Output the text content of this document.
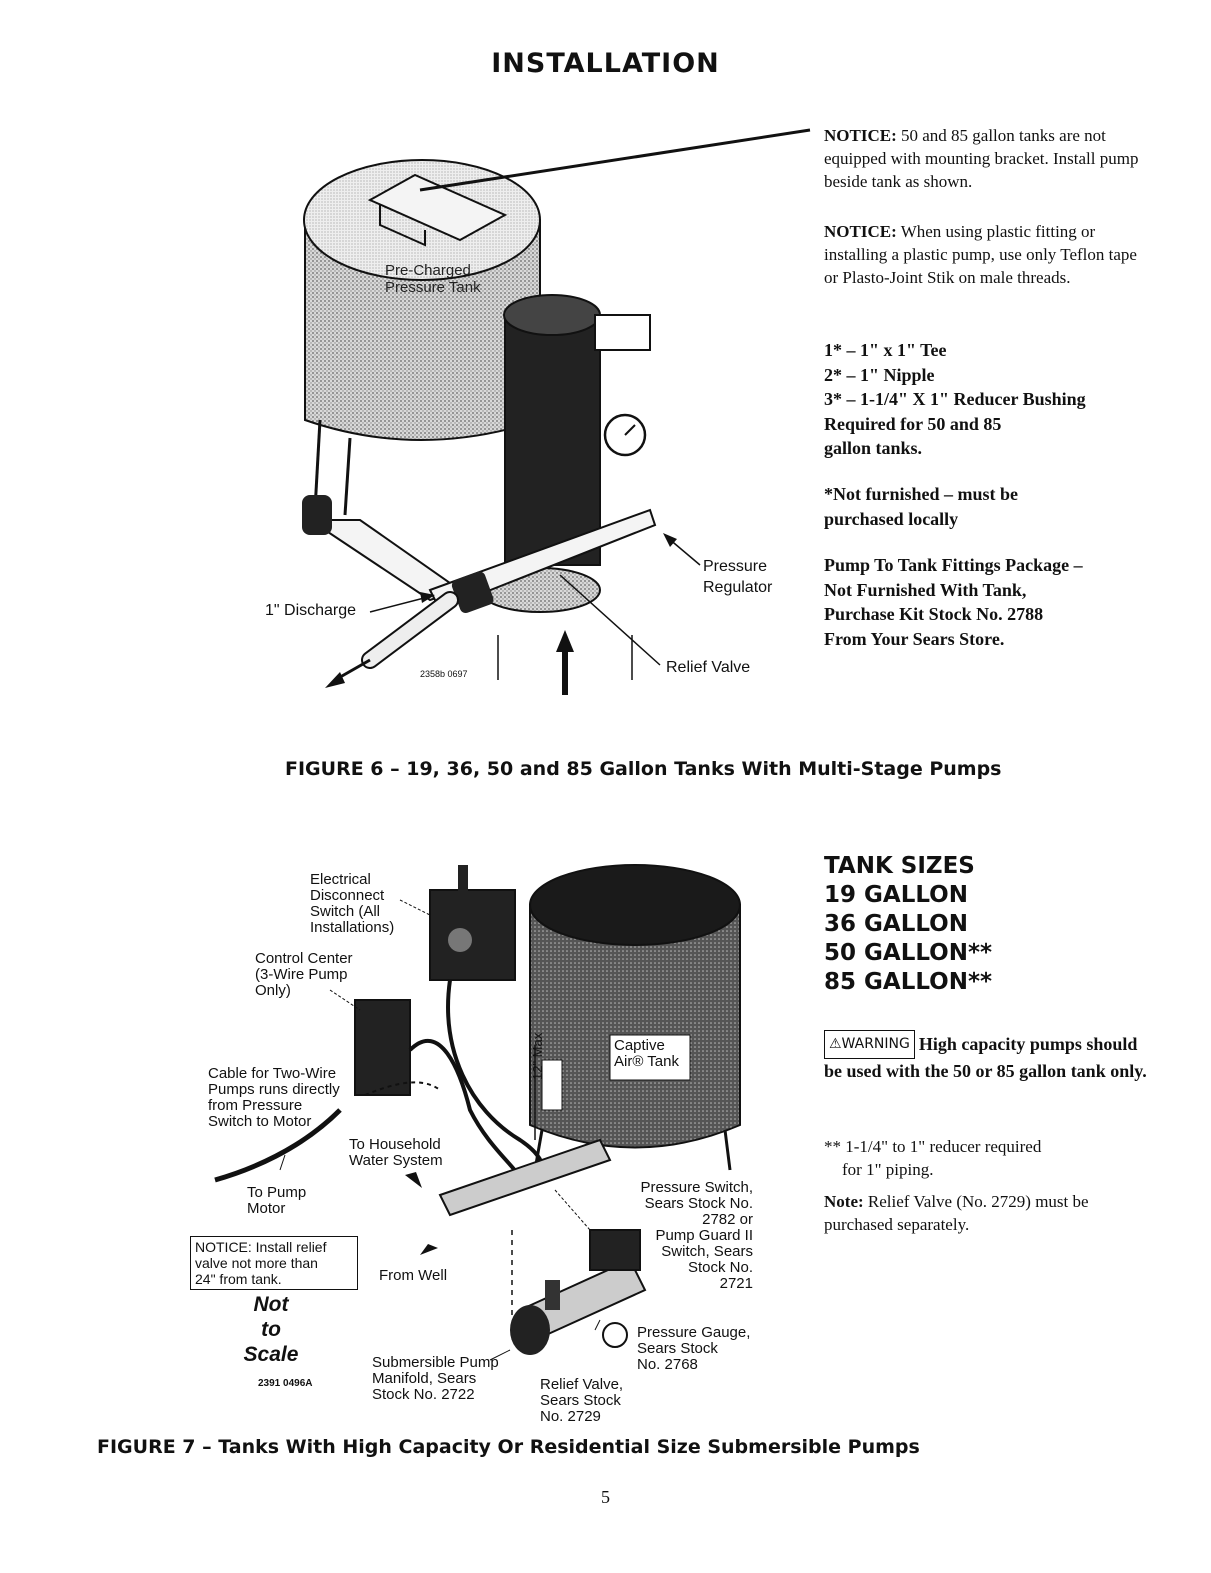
INSTALLATION
Pre-Charged
Pressure Tank
Pressure
Regulator
1" Discharge
Relief Valve
2358b 0697
NOTICE: 50 and 85 gallon tanks are not equipped with mounting bracket. Install pump beside tank as shown.
NOTICE: When using plastic fitting or installing a plastic pump, use only Teflon tape or Plasto-Joint Stik on male threads.
1* – 1" x 1" Tee
2* – 1" Nipple
3* – 1-1/4" X 1" Reducer Bushing
Required for 50 and 85
gallon tanks.
*Not furnished – must be
purchased locally
Pump To Tank Fittings Package –
Not Furnished With Tank,
Purchase Kit Stock No. 2788
From Your Sears Store.
FIGURE 6 – 19, 36, 50 and 85 Gallon Tanks With Multi-Stage Pumps
Electrical
Disconnect
Switch (All
Installations)
Control Center
(3-Wire Pump
Only)
Cable for Two-Wire
Pumps runs directly
from Pressure
Switch to Motor
To Household
Water System
To Pump
Motor
NOTICE: Install relief
valve not more than
24" from tank.	From Well
Not
to
Scale
2391 0496A
Submersible Pump
Manifold, Sears
Stock No. 2722
Relief Valve,
Sears Stock
No. 2729
Pressure Switch,
Sears Stock No.
2782 or
Pump Guard II
Switch, Sears
Stock No.
2721
Pressure Gauge,
Sears Stock
No. 2768
Captive
Air® Tank
12" Max
TANK SIZES
19 GALLON
36 GALLON
50 GALLON**
85 GALLON**
⚠WARNING High capacity pumps should be used with the 50 or 85 gallon tank only.
** 1-1/4" to 1" reducer required
for 1" piping.
Note: Relief Valve (No. 2729) must be purchased separately.
FIGURE 7 – Tanks With High Capacity Or Residential Size Submersible Pumps
5
